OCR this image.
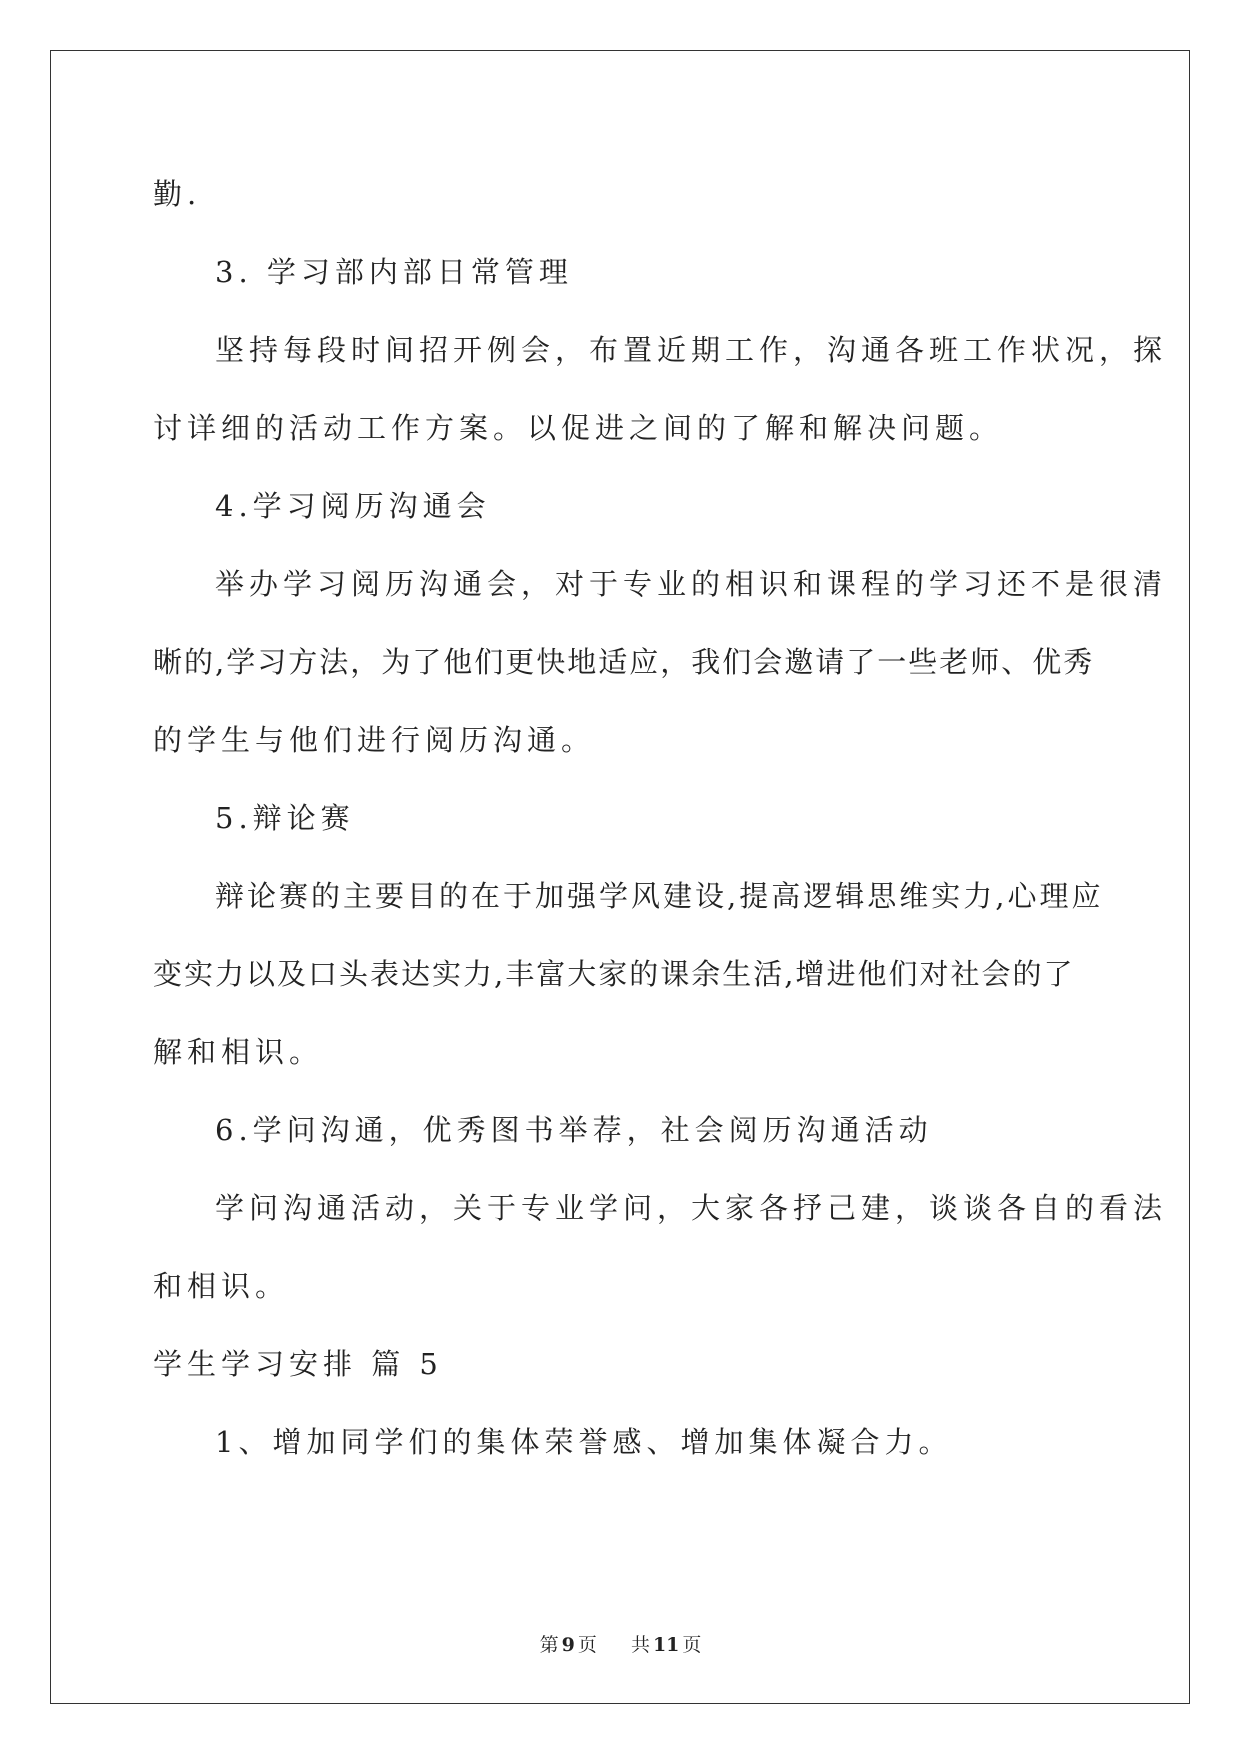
勤.
3. 学习部内部日常管理
坚持每段时间招开例会，布置近期工作，沟通各班工作状况，探
讨详细的活动工作方案。以促进之间的了解和解决问题。
4.学习阅历沟通会
举办学习阅历沟通会，对于专业的相识和课程的学习还不是很清
晰的,学习方法，为了他们更快地适应，我们会邀请了一些老师、优秀
的学生与他们进行阅历沟通。
5.辩论赛
辩论赛的主要目的在于加强学风建设,提高逻辑思维实力,心理应
变实力以及口头表达实力,丰富大家的课余生活,增进他们对社会的了
解和相识。
6.学问沟通，优秀图书举荐，社会阅历沟通活动
学问沟通活动，关于专业学问，大家各抒己建，谈谈各自的看法
和相识。
学生学习安排 篇 5
1、增加同学们的集体荣誉感、增加集体凝合力。
第 9 页 共 11 页
